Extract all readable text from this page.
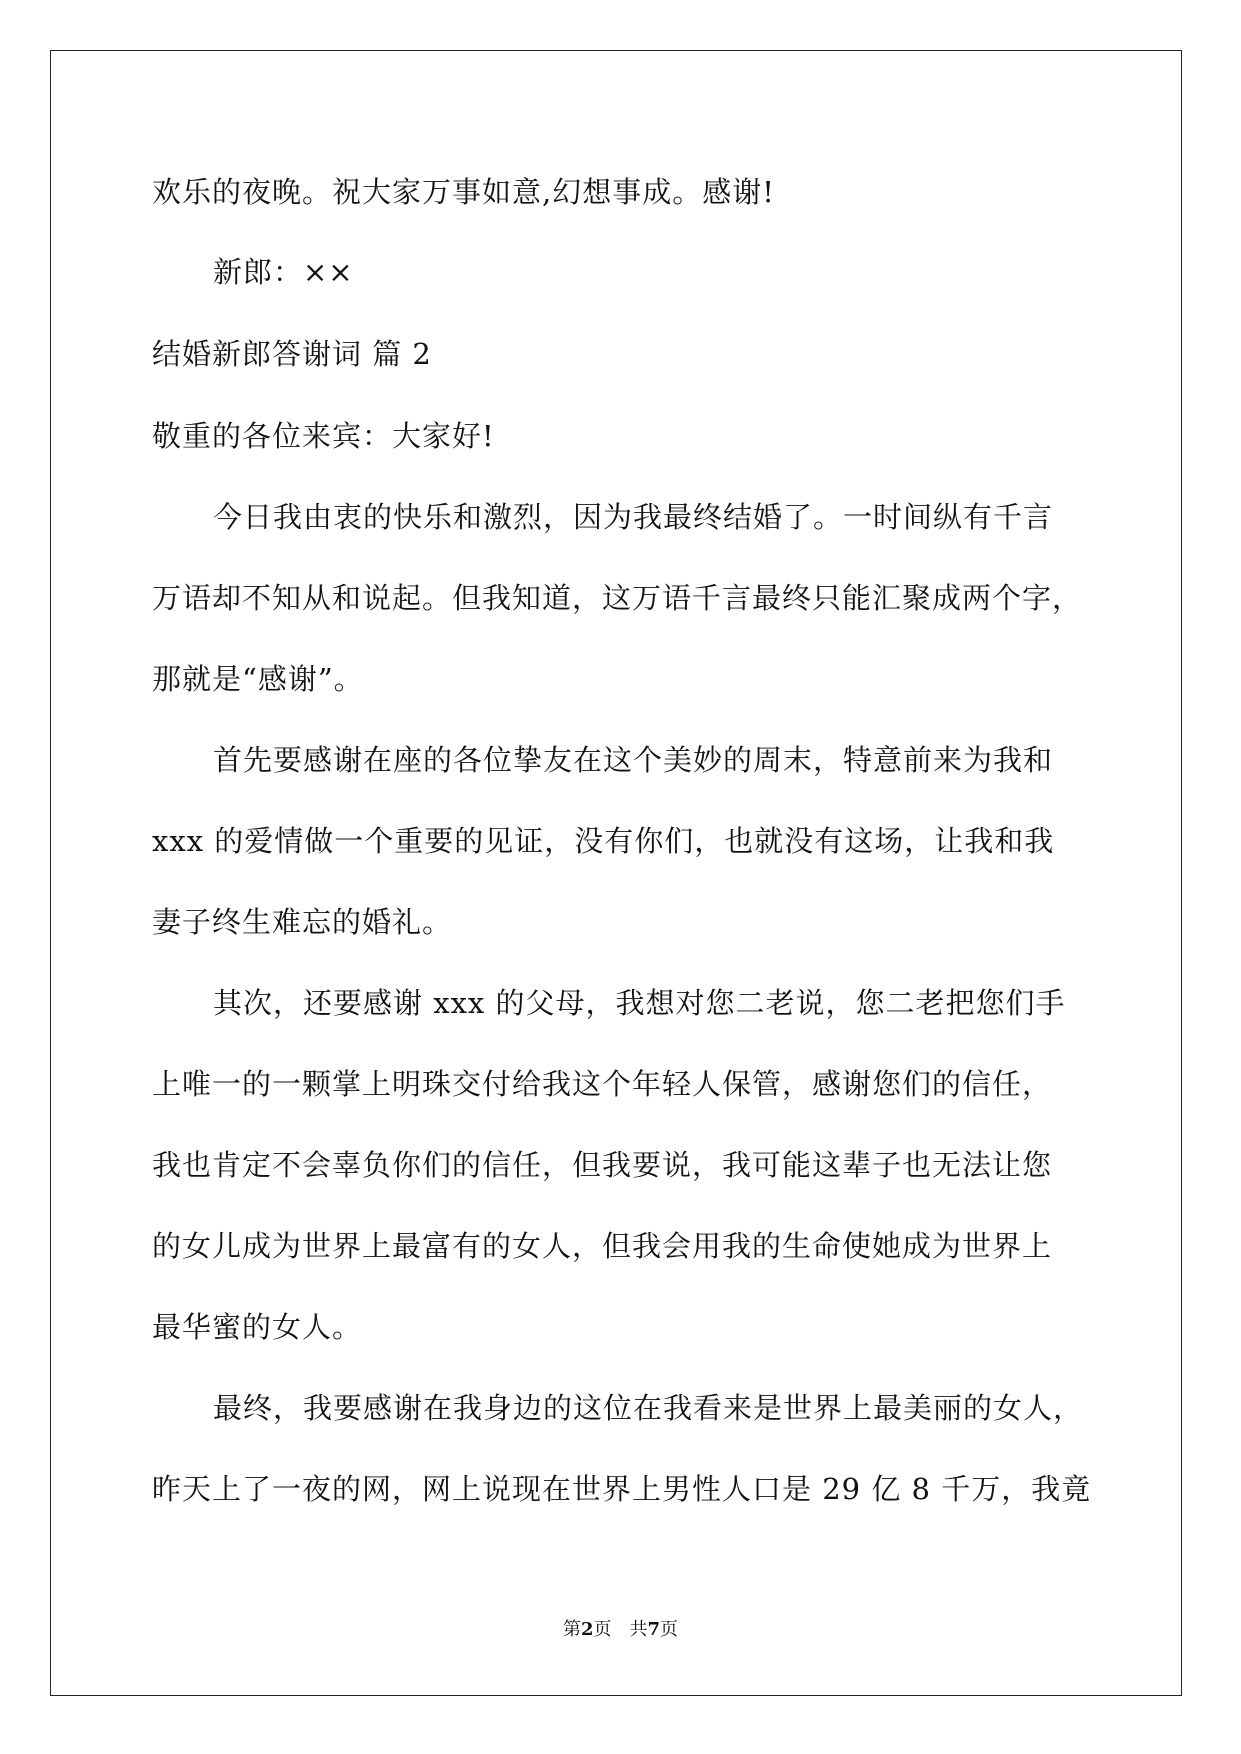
欢乐的夜晚。祝大家万事如意,幻想事成。感谢!
新郎：××
结婚新郎答谢词 篇 2
敬重的各位来宾：大家好!
今日我由衷的快乐和激烈，因为我最终结婚了。一时间纵有千言
万语却不知从和说起。但我知道，这万语千言最终只能汇聚成两个字，
那就是“感谢”。
首先要感谢在座的各位挚友在这个美妙的周末，特意前来为我和
xxx 的爱情做一个重要的见证，没有你们，也就没有这场，让我和我
妻子终生难忘的婚礼。
其次，还要感谢 xxx 的父母，我想对您二老说，您二老把您们手
上唯一的一颗掌上明珠交付给我这个年轻人保管，感谢您们的信任，
我也肯定不会辜负你们的信任，但我要说，我可能这辈子也无法让您
的女儿成为世界上最富有的女人，但我会用我的生命使她成为世界上
最华蜜的女人。
最终，我要感谢在我身边的这位在我看来是世界上最美丽的女人，
昨天上了一夜的网，网上说现在世界上男性人口是 29 亿 8 千万，我竟
第2页　共7页
